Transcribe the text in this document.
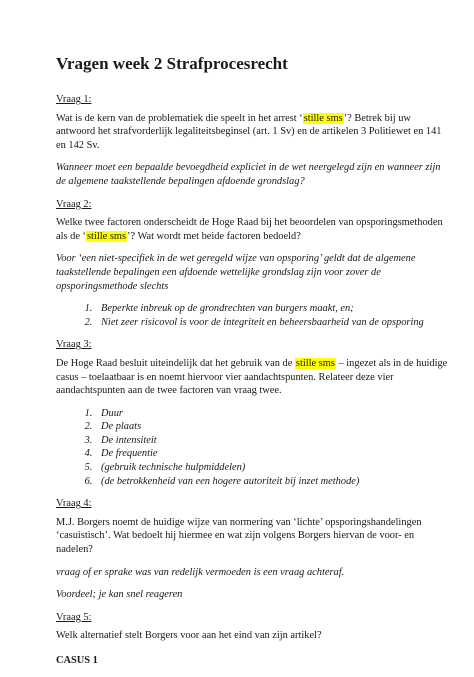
Vragen week 2 Strafprocesrecht
Vraag 1:

Wat is de kern van de problematiek die speelt in het arrest ‘stille sms’? Betrek bij uw antwoord het strafvorderlijk legaliteitsbeginsel (art. 1 Sv) en de artikelen 3 Politiewet en 141 en 142 Sv.

Wanneer moet een bepaalde bevoegdheid expliciet in de wet neergelegd zijn en wanneer zijn de algemene taakstellende bepalingen afdoende grondslag?

Vraag 2:

Welke twee factoren onderscheidt de Hoge Raad bij het beoordelen van opsporingsmethoden als de ‘stille sms’? Wat wordt met beide factoren bedoeld?

Voor ‘een niet-specifiek in de wet geregeld wijze van opsporing’ geldt dat de algemene taakstellende bepalingen een afdoende wettelijke grondslag zijn voor zover de opsporingsmethode slechts

1. Beperkte inbreuk op de grondrechten van burgers maakt, en;
2. Niet zeer risicovol is voor de integriteit en beheersbaarheid van de opsporing
Vraag 3:

De Hoge Raad besluit uiteindelijk dat het gebruik van de stille sms – ingezet als in de huidige casus – toelaatbaar is en noemt hiervoor vier aandachtspunten. Relateer deze vier aandachtspunten aan de twee factoren van vraag twee.

1. Duur
2. De plaats
3. De intensiteit
4. De frequentie
5. (gebruik technische hulpmiddelen)
6. (de betrokkenheid van een hogere autoriteit bij inzet methode)
Vraag 4:

M.J. Borgers noemt de huidige wijze van normering van ‘lichte’ opsporingshandelingen ‘casuistisch’. Wat bedoelt hij hiermee en wat zijn volgens Borgers hiervan de voor- en nadelen?

vraag of er sprake was van redelijk vermoeden is een vraag achteraf.

Voordeel; je kan snel reageren

Vraag 5:

Welk alternatief stelt Borgers voor aan het eind van zijn artikel?

CASUS 1
